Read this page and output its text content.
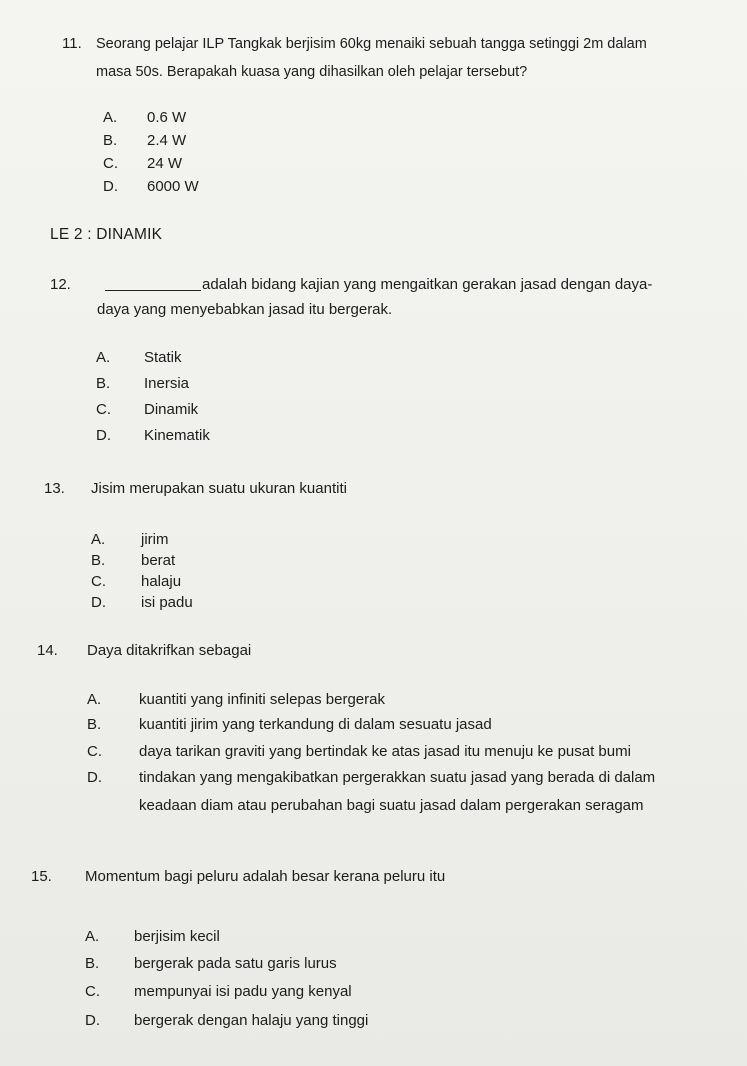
11. Seorang pelajar ILP Tangkak berjisim 60kg menaiki sebuah tangga setinggi 2m dalam
masa 50s. Berapakah kuasa yang dihasilkan oleh pelajar tersebut?
A. 0.6 W
B. 2.4 W
C. 24 W
D. 6000 W
LE 2 : DINAMIK
12.	adalah bidang kajian yang mengaitkan gerakan jasad dengan daya-
daya yang menyebabkan jasad itu bergerak.
A. Statik
B. Inersia
C. Dinamik
D. Kinematik
13. Jisim merupakan suatu ukuran kuantiti
A. jirim
B. berat
C. halaju
D. isi padu
14. Daya ditakrifkan sebagai
A.	kuantiti yang infiniti selepas bergerak
B.	kuantiti jirim yang terkandung di dalam sesuatu jasad
C. daya tarikan graviti yang bertindak ke atas jasad itu menuju ke pusat bumi
D. tindakan yang mengakibatkan pergerakkan suatu jasad yang berada di dalam
keadaan diam atau perubahan bagi suatu jasad dalam pergerakan seragam
15. Momentum bagi peluru adalah besar kerana peluru itu
A. berjisim kecil
B. bergerak pada satu garis lurus
C. mempunyai isi padu yang kenyal
D. bergerak dengan halaju yang tinggi
